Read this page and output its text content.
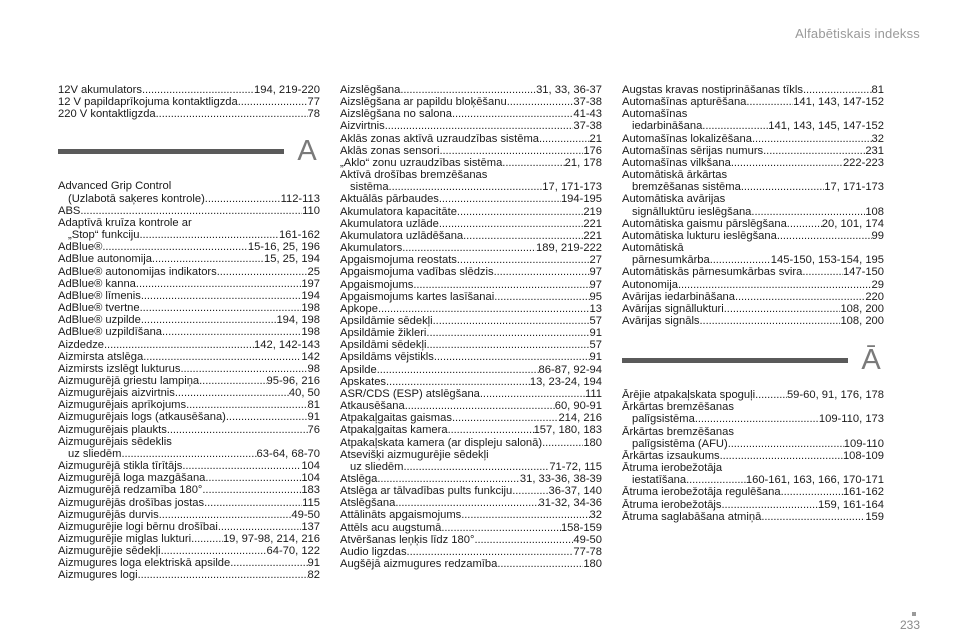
Alfabētiskais indekss
12V akumulators . . .	194, 219-220
12 V papildaprīkojuma kontaktligzda . . .	77
220 V kontaktligzda . . .	78
A
Advanced Grip Control
(Uzlabotā saķeres kontrole) . . .	112-113
ABS . . .	110
Adaptīvā kruīza kontrole ar
„Stop“ funkciju . . .	161-162
AdBlue® . . .	15-16, 25, 196
AdBlue autonomija . . .	15, 25, 194
AdBlue® autonomijas indikators . . .	25
AdBlue® kanna . . .	197
AdBlue® līmenis . . .	194
AdBlue® tvertne . . .	198
AdBlue® uzpilde . . .	194, 198
AdBlue® uzpildīšana . . .	198
Aizdedze . . .	142, 142-143
Aizmirsta atslēga . . .	142
Aizmirsts izslēgt lukturus . . .	98
Aizmugurējā griestu lampiņa . . .	95-96, 216
Aizmugurējais aizvirtnis . . .	40, 50
Aizmugurējais aprīkojums . . .	81
Aizmugurējais logs (atkausēšana) . . .	91
Aizmugurējais plaukts . . .	76
Aizmugurējais sēdeklis
uz sliedēm . . .	63-64, 68-70
Aizmugurējā stikla tīrītājs . . .	104
Aizmugurējā loga mazgāšana . . .	104
Aizmugurējā redzamība 180° . . .	183
Aizmugurējās drošības jostas . . .	115
Aizmugurējās durvis . . .	49-50
Aizmugurējie logi bērnu drošībai . . .	137
Aizmugurējie miglas lukturi . . .	19, 97-98, 214, 216
Aizmugurējie sēdekļi . . .	64-70, 122
Aizmugures loga elektriskā apsilde . . .	91
Aizmugures logi . . .	82
Aizslēgšana . . .	31, 33, 36-37
Aizslēgšana ar papildu bloķēšanu . . .	37-38
Aizslēgšana no salona . . .	41-43
Aizvirtnis . . .	37-38
Aklās zonas aktīvā uzraudzības sistēma . . .	21
Aklās zonas sensori . . .	176
„Aklo“ zonu uzraudzības sistēma . . .	21, 178
Aktīvā drošības bremzēšanas
sistēma . . .	17, 171-173
Aktuālās pārbaudes . . .	194-195
Akumulatora kapacitāte . . .	219
Akumulatora uzlāde . . .	221
Akumulatora uzlādēšana . . .	221
Akumulators . . .	189, 219-222
Apgaismojuma reostats . . .	27
Apgaismojuma vadības slēdzis . . .	97
Apgaismojums . . .	97
Apgaismojums kartes lasīšanai . . .	95
Apkope . . .	13
Apsildāmie sēdekļi . . .	57
Apsildāmie žikleri . . .	91
Apsildāmi sēdekļi . . .	57
Apsildāms vējstikls . . .	91
Apsilde . . .	86-87, 92-94
Apskates . . .	13, 23-24, 194
ASR/CDS (ESP) atslēgšana . . .	111
Atkausēšana . . .	60, 90-91
Atpakaļgaitas gaismas . . .	214, 216
Atpakaļgaitas kamera . . .	157, 180, 183
Atpakaļskata kamera (ar displeju salonā) . . .	180
Atsevišķi aizmugurējie sēdekļi
uz sliedēm . . .	71-72, 115
Atslēga . . .	31, 33-36, 38-39
Atslēga ar tālvadības pults funkciju . . .	36-37, 140
Atslēgšana . . .	31-32, 34-36
Attālināts apgaismojums . . .	32
Attēls acu augstumā . . .	158-159
Atvēršanas leņķis līdz 180° . . .	49-50
Audio ligzdas . . .	77-78
Augšējā aizmugures redzamība . . .	180
Augstas kravas nostiprināšanas tīkls . . .	81
Automašīnas apturēšana . . .	141, 143, 147-152
Automašīnas
iedarbināšana . . .	141, 143, 145, 147-152
Automašīnas lokalizēšana . . .	32
Automašīnas sērijas numurs . . .	231
Automašīnas vilkšana . . .	222-223
Automātiskā ārkārtas
bremzēšanas sistēma . . .	17, 171-173
Automātiska avārijas
signālluktūru ieslēgšana . . .	108
Automātiska gaismu pārslēgšana . . .	20, 101, 174
Automātiska lukturu ieslēgšana . . .	99
Automātiskā
pārnesumkārba . . .	145-150, 153-154, 195
Automātiskās pārnesumkārbas svira . . .	147-150
Autonomija . . .	29
Avārijas iedarbināšana . . .	220
Avārijas signāllukturi . . .	108, 200
Avārijas signāls . . .	108, 200
Ā
Ārējie atpakaļskata spoguļi . . .	59-60, 91, 176, 178
Ārkārtas bremzēšanas
palīgsistēma . . .	109-110, 173
Ārkārtas bremzēšanas
palīgsistēma (AFU) . . .	109-110
Ārkārtas izsaukums . . .	108-109
Ātruma ierobežotāja
iestatīšana . . .	160-161, 163, 166, 170-171
Ātruma ierobežotāja regulēšana . . .	161-162
Ātruma ierobežotājs . . .	159, 161-164
Ātruma saglabāšana atmiņā . . .	159
233
